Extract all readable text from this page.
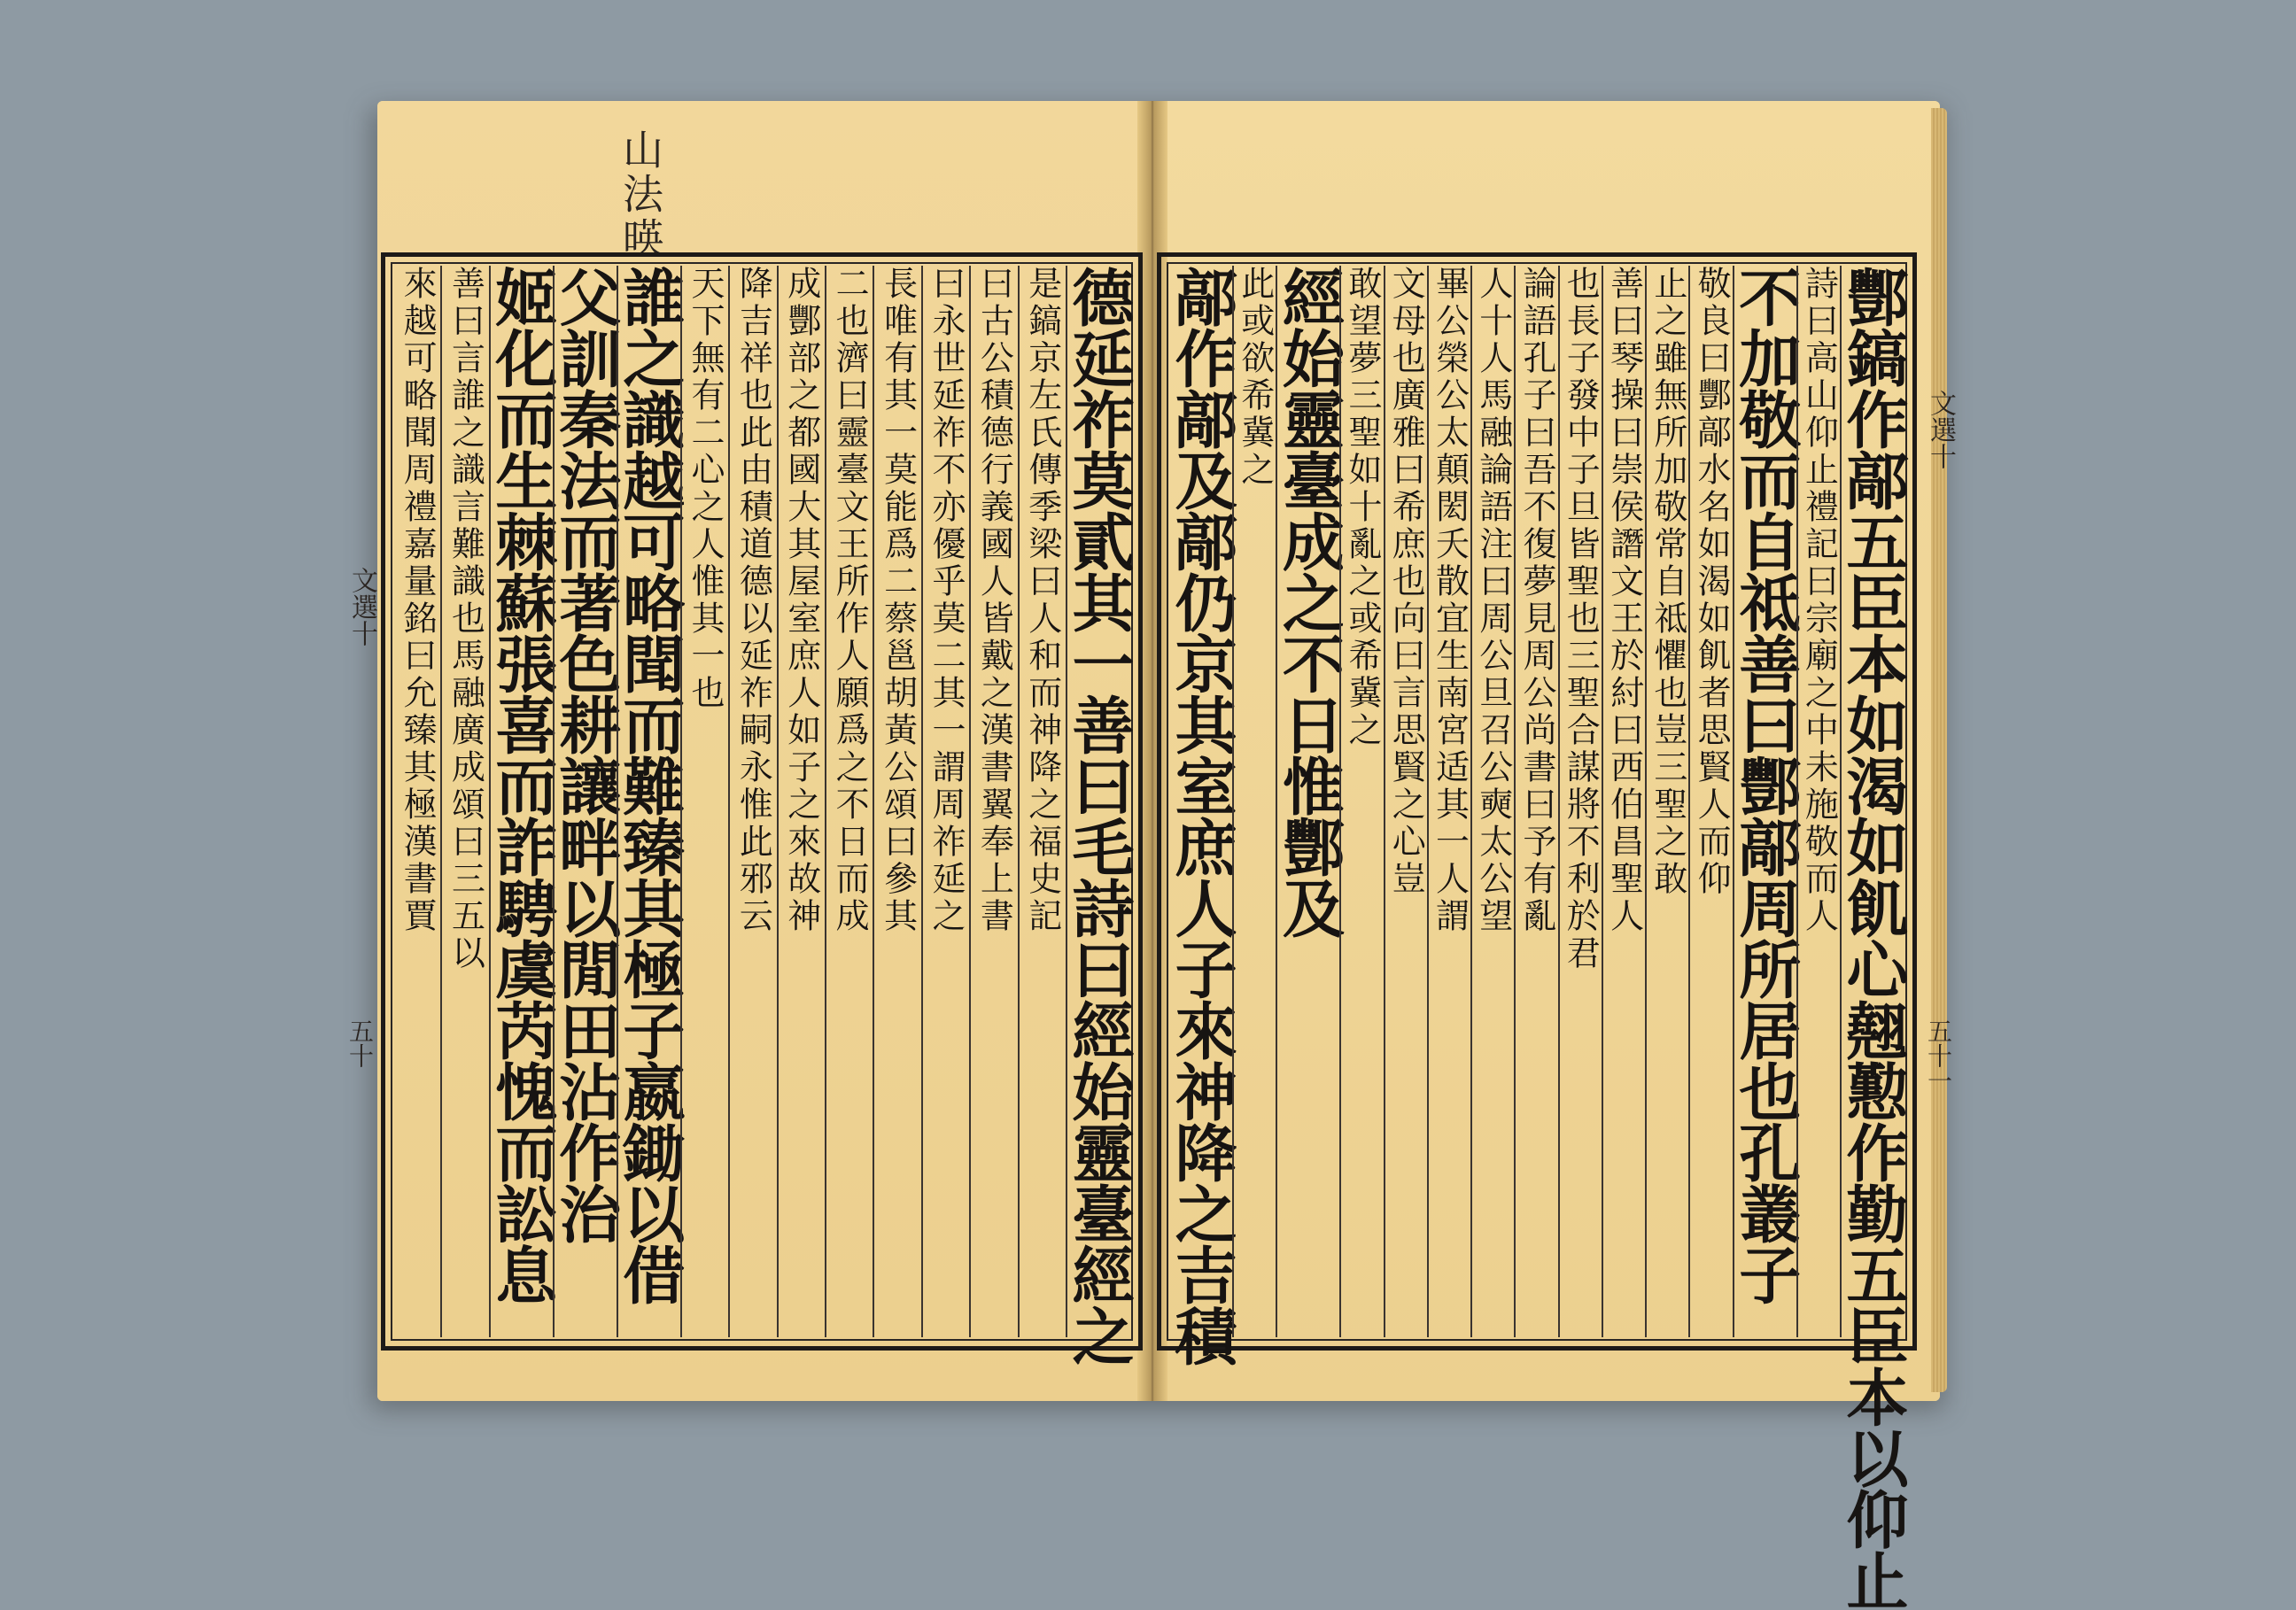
山法暎
文選十
五十
文選十
五十一
德延祚莫貳其一善曰毛詩曰經始靈臺經之
是鎬京左氏傳季梁曰人和而神降之福史記
曰古公積德行義國人皆戴之漢書翼奉上書
曰永世延祚不亦優乎莫二其一謂周祚延之
長唯有其一莫能爲二蔡邕胡黃公頌曰參其
二也濟曰靈臺文王所作人願爲之不日而成
成酆部之都國大其屋室庶人如子之來故神
降吉祥也此由積道德以延祚嗣永惟此邪云
天下無有二心之人惟其一也
誰之識越可略聞而難臻其極子嬴鋤以借
父訓秦法而著色耕讓畔以閒田沾作治
姬化而生棘蘇張喜而詐騁虞芮愧而訟息
善曰言誰之識言難識也馬融廣成頌曰三五以
來越可略聞周禮嘉量銘曰允臻其極漢書賈	酆鎬作鄗五臣本如渴如飢心翹懃作勤五臣本以仰止
詩曰高山仰止禮記曰宗廟之中未施敬而人
不加敬而自祗善曰酆鄗周所居也孔叢子
敬良曰酆鄗水名如渴如飢者思賢人而仰
止之雖無所加敬常自祗懼也豈三聖之敢
善曰琴操曰崇侯譖文王於紂曰西伯昌聖人
也長子發中子旦皆聖也三聖合謀將不利於君
論語孔子曰吾不復夢見周公尚書曰予有亂
人十人馬融論語注曰周公旦召公奭太公望
畢公榮公太顛閎夭散宜生南宮适其一人謂
文母也廣雅曰希庶也向曰言思賢之心豈
敢望夢三聖如十亂之或希冀之
經始靈臺成之不日惟酆及
此或欲希冀之
鄗作鄗及鄗仍京其室庶人子來神降之吉積
